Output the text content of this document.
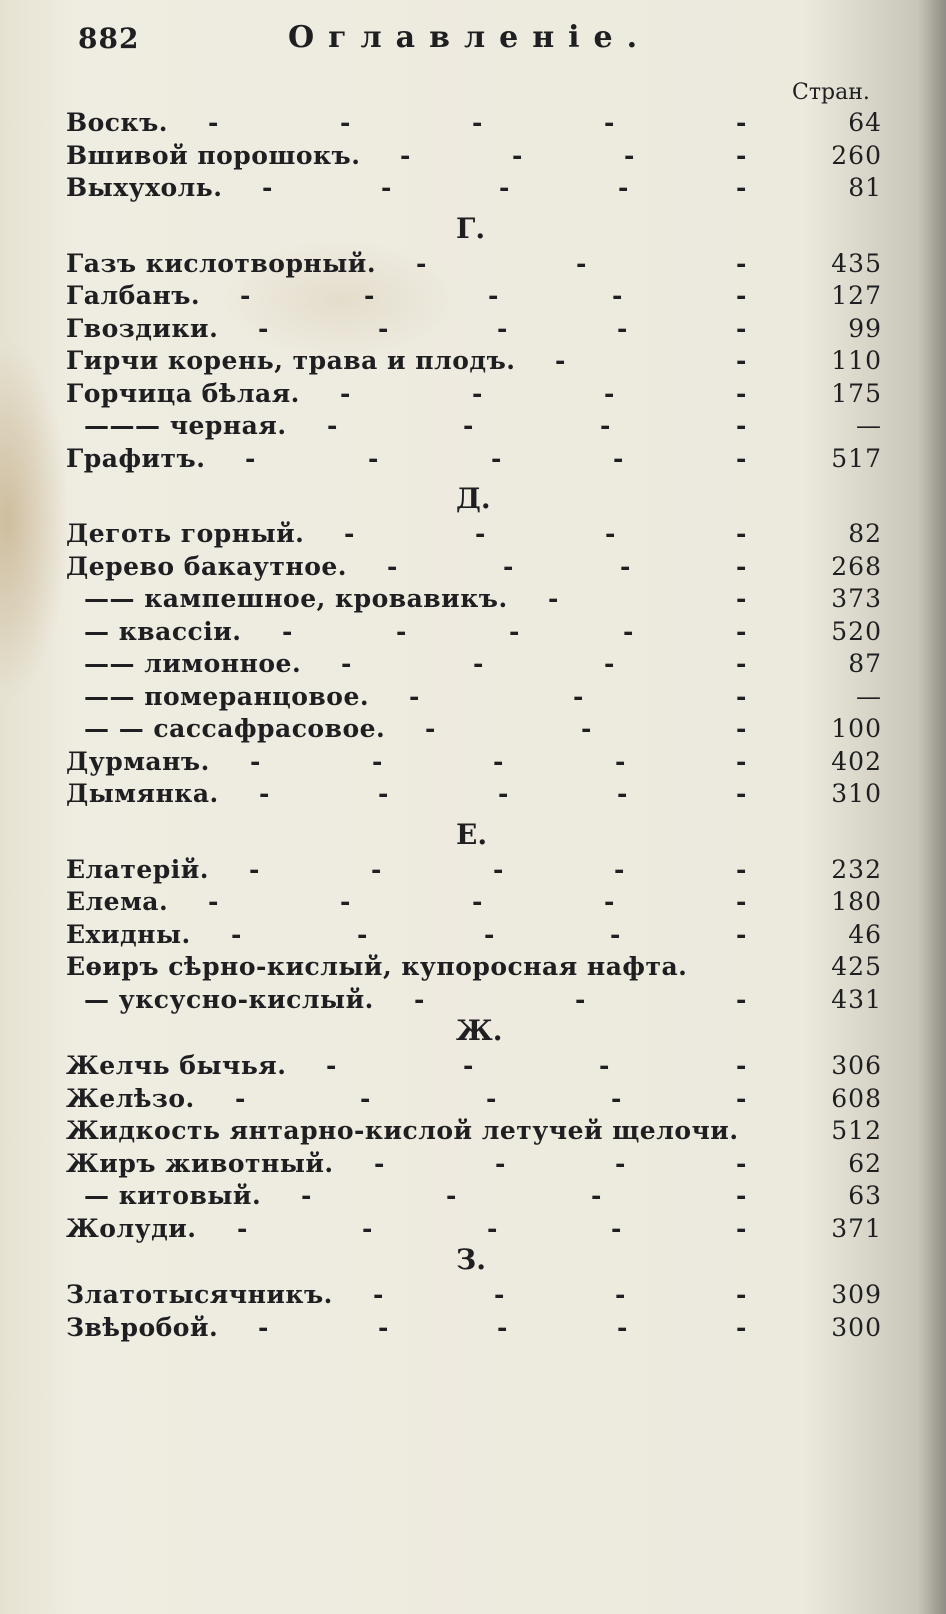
882	Оглавленiе.
Стран.
Воскъ. -	-	-	-	-	64
Вшивой порошокъ. -	-	-	-	260
Выхухоль. -	-	-	-	-	81
Г.
Газъ кислотворный. -	-	-	435
Галбанъ. -	-	-	-	-	127
Гвоздики. -	-	-	-	-	99
Гирчи корень, трава и плодъ. -	-	110
Горчица бѣлая. -	-	-	-	175
——— черная. -	-	-	-	—
Графитъ. -	-	-	-	-	517
Д.
Деготь горный. -	-	-	-	82
Дерево бакаутное. -	-	-	-	268
—— кампешное, кровавикъ. -	-	373
— квассiи. -	-	-	-	-	520
—— лимонное. -	-	-	-	87
—— померанцовое. -	-	-	—
— — сассафрасовое. -	-	-	100
Дурманъ. -	-	-	-	-	402
Дымянка. -	-	-	-	-	310
Е.
Елатерiй. -	-	-	-	-	232
Елема. -	-	-	-	-	180
Ехидны. -	-	-	-	-	46
Еѳиръ сѣрно-кислый, купоросная нафта.	425
— уксусно-кислый. -	-	-	431
Ж.
Желчь бычья. -	-	-	-	306
Желѣзо. -	-	-	-	-	608
Жидкость янтарно-кислой летучей щелочи.	512
Жиръ животный. -	-	-	-	62
— китовый. -	-	-	-	63
Жолуди. -	-	-	-	-	371
З.
Златотысячникъ. -	-	-	-	309
Звѣробой. -	-	-	-	-	300
